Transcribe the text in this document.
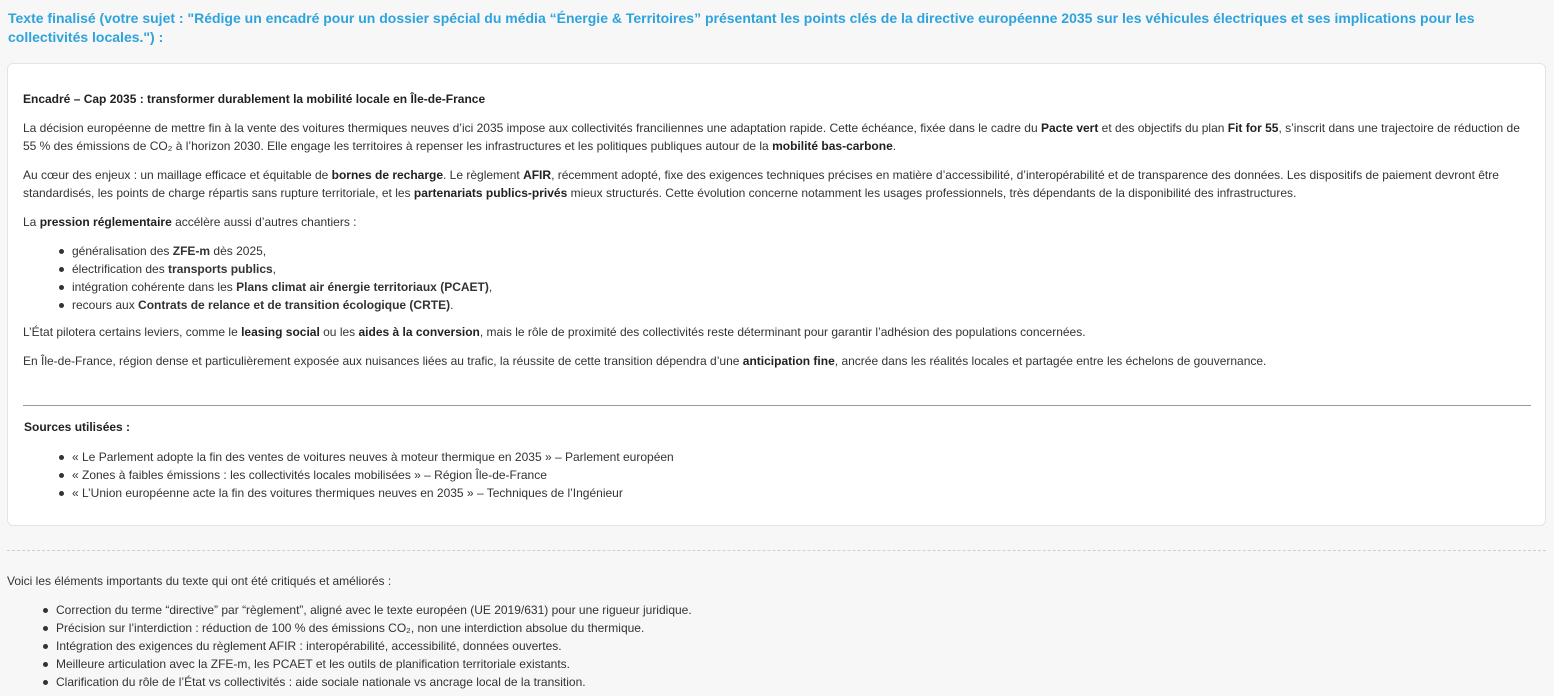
Texte finalisé (votre sujet : "Rédige un encadré pour un dossier spécial du média “Énergie & Territoires” présentant les points clés de la directive européenne 2035 sur les véhicules électriques et ses implications pour les collectivités locales.") :
Encadré – Cap 2035 : transformer durablement la mobilité locale en Île-de-France
La décision européenne de mettre fin à la vente des voitures thermiques neuves d’ici 2035 impose aux collectivités franciliennes une adaptation rapide. Cette échéance, fixée dans le cadre du Pacte vert et des objectifs du plan Fit for 55, s’inscrit dans une trajectoire de réduction de 55 % des émissions de CO₂ à l’horizon 2030. Elle engage les territoires à repenser les infrastructures et les politiques publiques autour de la mobilité bas-carbone.
Au cœur des enjeux : un maillage efficace et équitable de bornes de recharge. Le règlement AFIR, récemment adopté, fixe des exigences techniques précises en matière d’accessibilité, d’interopérabilité et de transparence des données. Les dispositifs de paiement devront être standardisés, les points de charge répartis sans rupture territoriale, et les partenariats publics-privés mieux structurés. Cette évolution concerne notamment les usages professionnels, très dépendants de la disponibilité des infrastructures.
La pression réglementaire accélère aussi d’autres chantiers :
généralisation des ZFE-m dès 2025,
électrification des transports publics,
intégration cohérente dans les Plans climat air énergie territoriaux (PCAET),
recours aux Contrats de relance et de transition écologique (CRTE).
L’État pilotera certains leviers, comme le leasing social ou les aides à la conversion, mais le rôle de proximité des collectivités reste déterminant pour garantir l’adhésion des populations concernées.
En Île-de-France, région dense et particulièrement exposée aux nuisances liées au trafic, la réussite de cette transition dépendra d’une anticipation fine, ancrée dans les réalités locales et partagée entre les échelons de gouvernance.
Sources utilisées :
« Le Parlement adopte la fin des ventes de voitures neuves à moteur thermique en 2035 » – Parlement européen
« Zones à faibles émissions : les collectivités locales mobilisées » – Région Île-de-France
« L’Union européenne acte la fin des voitures thermiques neuves en 2035 » – Techniques de l’Ingénieur
Voici les éléments importants du texte qui ont été critiqués et améliorés :
Correction du terme “directive” par “règlement”, aligné avec le texte européen (UE 2019/631) pour une rigueur juridique.
Précision sur l’interdiction : réduction de 100 % des émissions CO₂, non une interdiction absolue du thermique.
Intégration des exigences du règlement AFIR : interopérabilité, accessibilité, données ouvertes.
Meilleure articulation avec la ZFE-m, les PCAET et les outils de planification territoriale existants.
Clarification du rôle de l’État vs collectivités : aide sociale nationale vs ancrage local de la transition.
